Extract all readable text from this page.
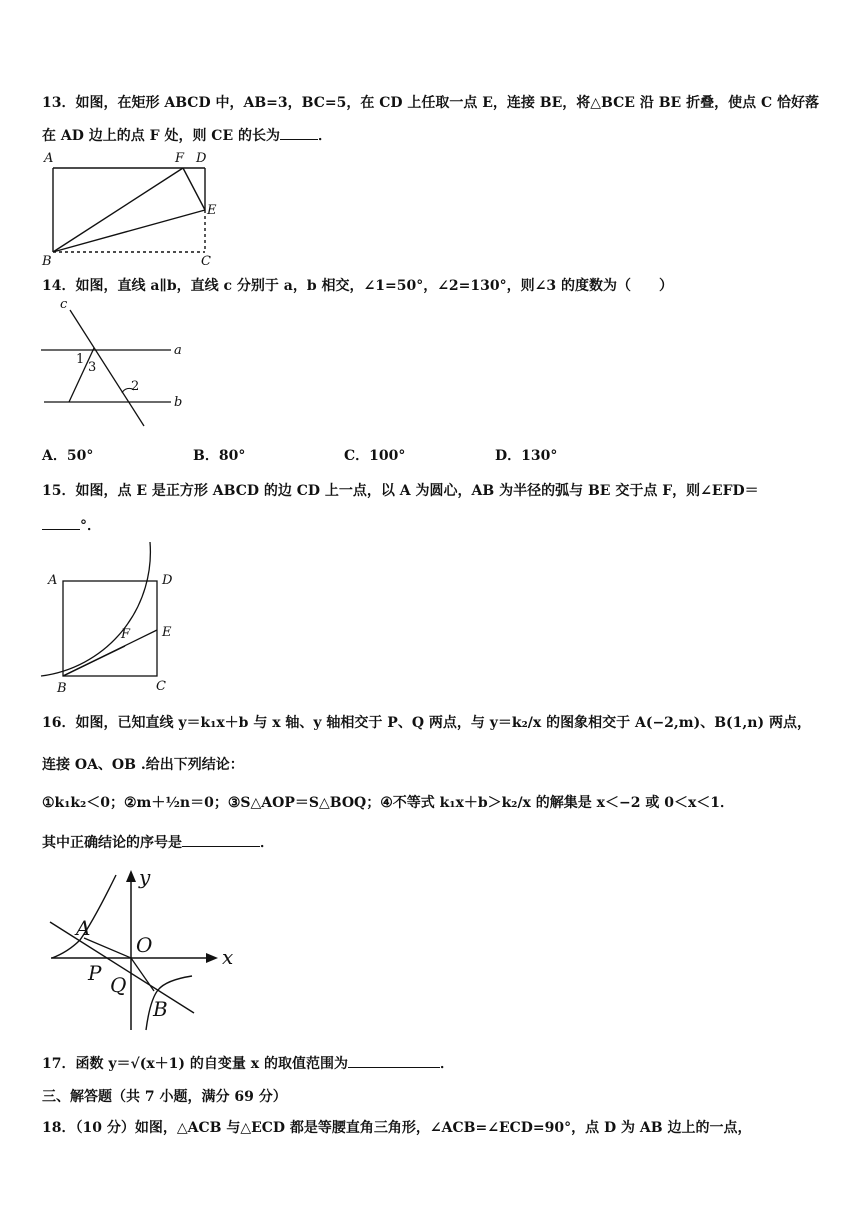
13．如图，在矩形 ABCD 中，AB=3，BC=5，在 CD 上任取一点 E，连接 BE，将△BCE 沿 BE 折叠，使点 C 恰好落
在 AD 边上的点 F 处，则 CE 的长为	．
A	F D
E
B	C
14．如图，直线 a∥b，直线 c 分别于 a，b 相交，∠1=50°，∠2=130°，则∠3 的度数为（　　）
c
a
b
1
3
2
A．50°	B．80°	C．100°	D．130°
15．如图，点 E 是正方形 ABCD 的边 CD 上一点，以 A 为圆心，AB 为半径的弧与 BE 交于点 F，则∠EFD＝
°．
A	D
F E
B	C
16．如图，已知直线 y＝k₁x＋b 与 x 轴、y 轴相交于 P、Q 两点，与 y＝k₂/x 的图象相交于 A(−2,m)、B(1,n) 两点，
连接 OA、OB .给出下列结论：
①k₁k₂＜0；②m＋½n＝0；③S△AOP＝S△BOQ；④不等式 k₁x＋b＞k₂/x 的解集是 x＜−2 或 0＜x＜1．
其中正确结论的序号是	．
y
x
A
O
P Q
B
17．函数 y＝√(x＋1) 的自变量 x 的取值范围为	．
三、解答题（共 7 小题，满分 69 分）
18．（10 分）如图，△ACB 与△ECD 都是等腰直角三角形，∠ACB=∠ECD=90°，点 D 为 AB 边上的一点，
